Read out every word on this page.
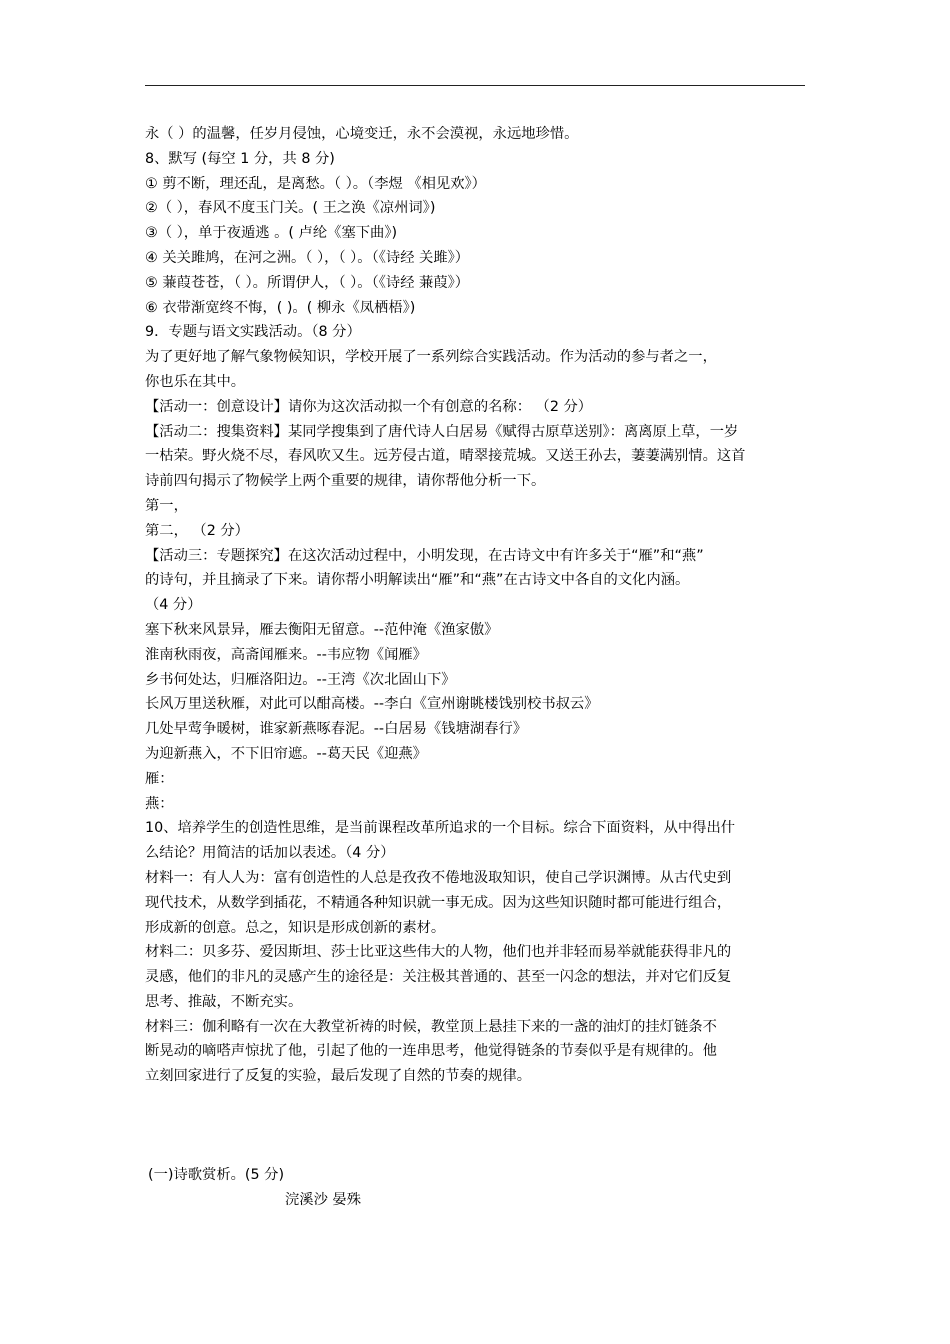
永（ ）的温馨，任岁月侵蚀，心境变迁，永不会漠视，永远地珍惜。
8、默写 (每空 1 分，共 8 分)
① 剪不断，理还乱，是离愁。（ ）。（李煜 《相见欢》）
②（ ），春风不度玉门关。( 王之涣《凉州词》)
③（ ），单于夜遁逃 。( 卢纶《塞下曲》)
④ 关关雎鸠，在河之洲。（ ），（ ）。（《诗经 关雎》）
⑤ 蒹葭苍苍，（ ）。所谓伊人，（ ）。（《诗经 蒹葭》）
⑥ 衣带渐宽终不悔，( )。( 柳永《凤栖梧》)
9．专题与语文实践活动。（8 分）
为了更好地了解气象物候知识，学校开展了一系列综合实践活动。作为活动的参与者之一，
你也乐在其中。
【活动一：创意设计】请你为这次活动拟一个有创意的名称： （2 分）
【活动二：搜集资料】某同学搜集到了唐代诗人白居易《赋得古原草送别》：离离原上草，一岁
一枯荣。野火烧不尽，春风吹又生。远芳侵古道，晴翠接荒城。又送王孙去，萋萋满别情。这首
诗前四句揭示了物候学上两个重要的规律，请你帮他分析一下。
第一，
第二， （2 分）
【活动三：专题探究】在这次活动过程中，小明发现，在古诗文中有许多关于“雁”和“燕”
的诗句，并且摘录了下来。请你帮小明解读出“雁”和“燕”在古诗文中各自的文化内涵。
（4 分）
塞下秋来风景异，雁去衡阳无留意。--范仲淹《渔家傲》
淮南秋雨夜，高斋闻雁来。--韦应物《闻雁》
乡书何处达，归雁洛阳边。--王湾《次北固山下》
长风万里送秋雁，对此可以酣高楼。--李白《宣州谢眺楼饯别校书叔云》
几处早莺争暖树，谁家新燕啄春泥。--白居易《钱塘湖春行》
为迎新燕入，不下旧帘遮。--葛天民《迎燕》
雁：
燕：
10、培养学生的创造性思维，是当前课程改革所追求的一个目标。综合下面资料，从中得出什
么结论？用简洁的话加以表述。（4 分）
材料一：有人人为：富有创造性的人总是孜孜不倦地汲取知识，使自己学识渊博。从古代史到
现代技术，从数学到插花，不精通各种知识就一事无成。因为这些知识随时都可能进行组合，
形成新的创意。总之，知识是形成创新的素材。
材料二：贝多芬、爱因斯坦、莎士比亚这些伟大的人物，他们也并非轻而易举就能获得非凡的
灵感，他们的非凡的灵感产生的途径是：关注极其普通的、甚至一闪念的想法，并对它们反复
思考、推敲，不断充实。
材料三：伽利略有一次在大教堂祈祷的时候，教堂顶上悬挂下来的一盏的油灯的挂灯链条不
断晃动的嘀嗒声惊扰了他，引起了他的一连串思考，他觉得链条的节奏似乎是有规律的。他
立刻回家进行了反复的实验，最后发现了自然的节奏的规律。
(一)诗歌赏析。(5 分)
浣溪沙 晏殊
